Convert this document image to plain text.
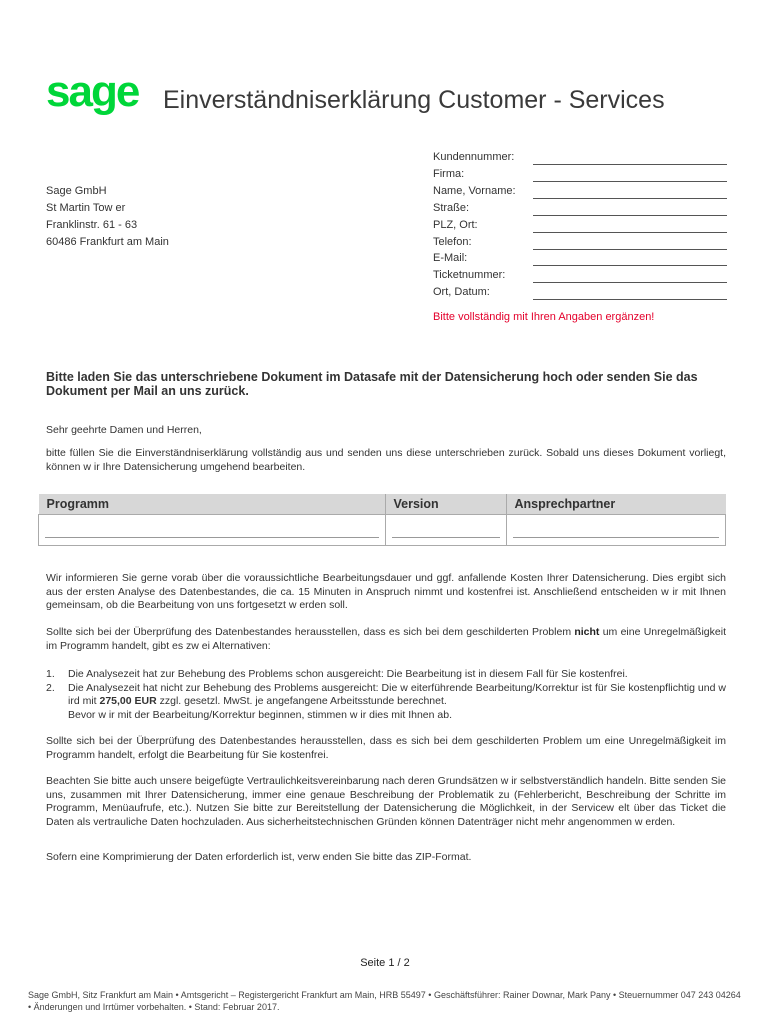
sage Einverständniserklärung Customer - Services
Sage GmbH
St Martin Tow er
Franklinstr. 61 - 63
60486 Frankfurt am Main
Kundennummer:
Firma:
Name, Vorname:
Straße:
PLZ, Ort:
Telefon:
E-Mail:
Ticketnummer:
Ort, Datum:
Bitte vollständig mit Ihren Angaben ergänzen!
Bitte laden Sie das unterschriebene Dokument im Datasafe mit der Datensicherung hoch oder senden Sie das Dokument per Mail an uns zurück.
Sehr geehrte Damen und Herren,
bitte füllen Sie die Einverständniserklärung vollständig aus und senden uns diese unterschrieben zurück. Sobald uns dieses Dokument vorliegt, können w ir Ihre Datensicherung umgehend bearbeiten.
Programm	Version	Ansprechpartner

Wir informieren Sie gerne vorab über die voraussichtliche Bearbeitungsdauer und ggf. anfallende Kosten Ihrer Datensicherung. Dies ergibt sich aus der ersten Analyse des Datenbestandes, die ca. 15 Minuten in Anspruch nimmt und kostenfrei ist. Anschließend entscheiden w ir mit Ihnen gemeinsam, ob die Bearbeitung von uns fortgesetzt w erden soll.
Sollte sich bei der Überprüfung des Datenbestandes herausstellen, dass es sich bei dem geschilderten Problem nicht um eine Unregelmäßigkeit im Programm handelt, gibt es zw ei Alternativen:
1.	Die Analysezeit hat zur Behebung des Problems schon ausgereicht: Die Bearbeitung ist in diesem Fall für Sie kostenfrei.
2.	Die Analysezeit hat nicht zur Behebung des Problems ausgereicht: Die w eiterführende Bearbeitung/Korrektur ist für Sie kostenpflichtig und w ird mit 275,00 EUR zzgl. gesetzl. MwSt. je angefangene Arbeitsstunde berechnet.
Bevor w ir mit der Bearbeitung/Korrektur beginnen, stimmen w ir dies mit Ihnen ab.
Sollte sich bei der Überprüfung des Datenbestandes herausstellen, dass es sich bei dem geschilderten Problem um eine Unregelmäßigkeit im Programm handelt, erfolgt die Bearbeitung für Sie kostenfrei.
Beachten Sie bitte auch unsere beigefügte Vertraulichkeitsvereinbarung nach deren Grundsätzen w ir selbstverständlich handeln. Bitte senden Sie uns, zusammen mit Ihrer Datensicherung, immer eine genaue Beschreibung der Problematik zu (Fehlerbericht, Beschreibung der Schritte im Programm, Menüaufrufe, etc.). Nutzen Sie bitte zur Bereitstellung der Datensicherung die Möglichkeit, in der Servicew elt über das Ticket die Daten als vertrauliche Daten hochzuladen. Aus sicherheitstechnischen Gründen können Datenträger nicht mehr angenommen w erden.
Sofern eine Komprimierung der Daten erforderlich ist, verw enden Sie bitte das ZIP-Format.
Seite 1 / 2
Sage GmbH, Sitz Frankfurt am Main • Amtsgericht – Registergericht Frankfurt am Main, HRB 55497 • Geschäftsführer: Rainer Downar, Mark Pany • Steuernummer 047 243 04264 • Änderungen und Irrtümer vorbehalten. • Stand: Februar 2017.
